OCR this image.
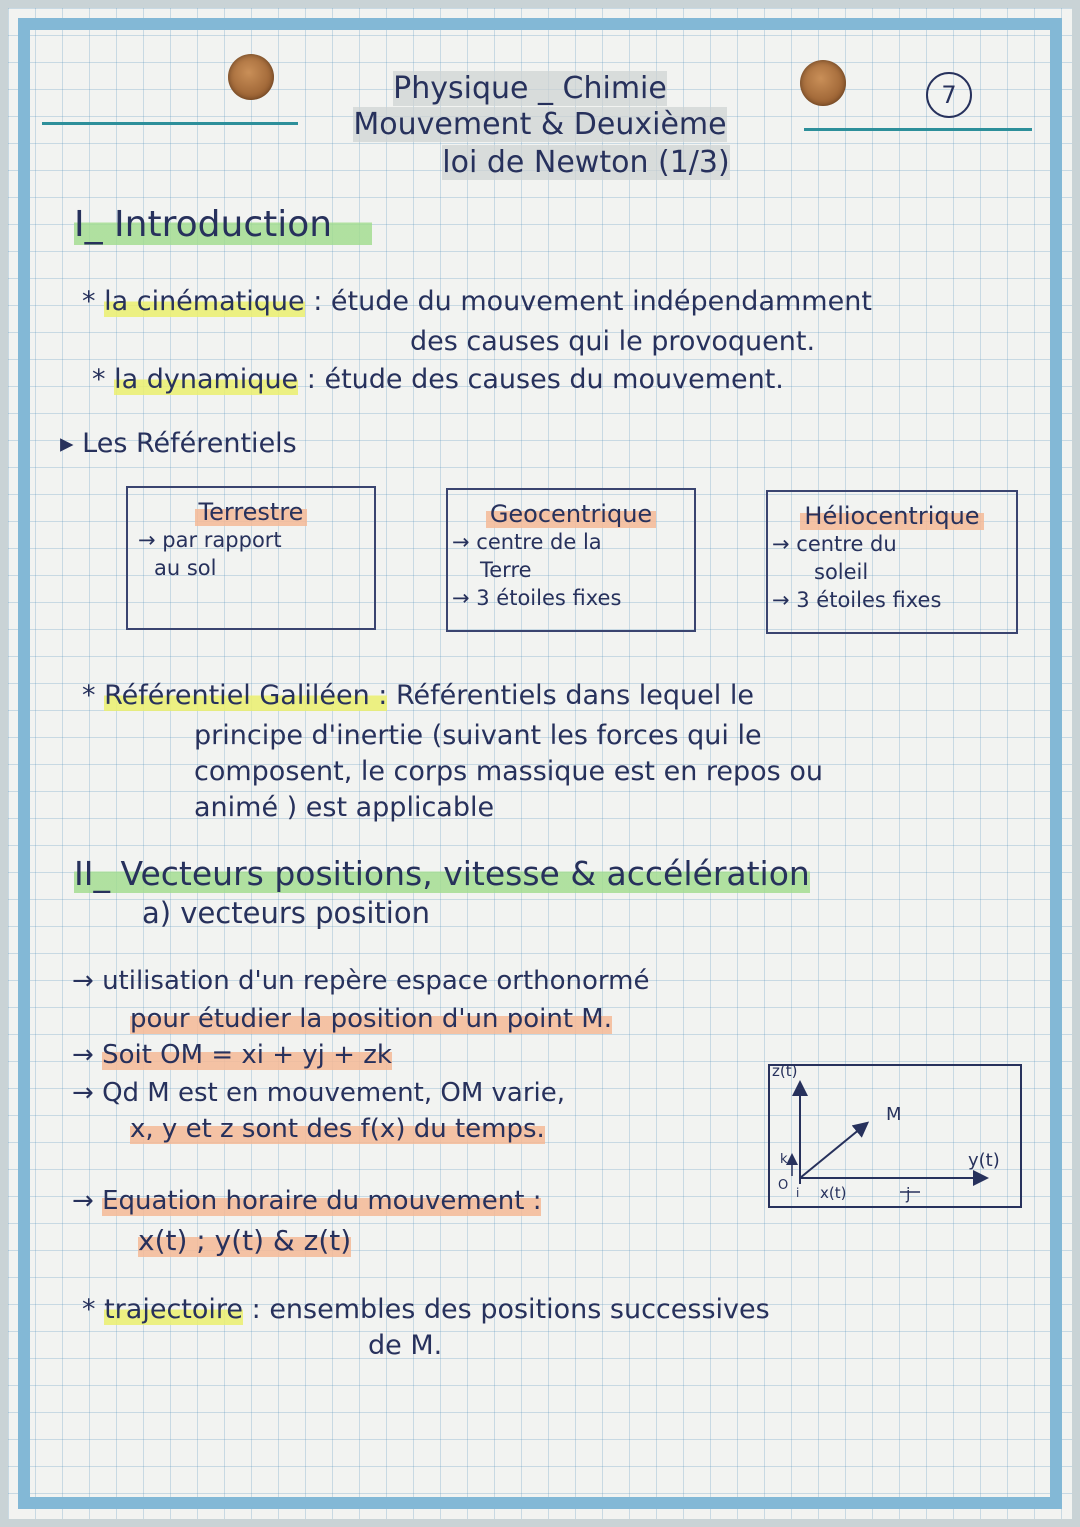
Physique _ Chimie
Mouvement & Deuxième
loi de Newton (1/3)
7
I_ Introduction
* la cinématique : étude du mouvement indépendamment
des causes qui le provoquent.
* la dynamique : étude des causes du mouvement.
▸ Les Référentiels
Terrestre
→ par rapport
au sol
Geocentrique
→ centre de la
Terre
→ 3 étoiles fixes
Héliocentrique
→ centre du
soleil
→ 3 étoiles fixes
* Référentiel Galiléen : Référentiels dans lequel le
principe d'inertie (suivant les forces qui le
composent, le corps massique est en repos ou
animé ) est applicable
II_ Vecteurs positions, vitesse & accélération
a) vecteurs position
→ utilisation d'un repère espace orthonormé
pour étudier la position d'un point M.
→ Soit OM = xi + yj + zk
→ Qd M est en mouvement, OM varie,
x, y et z sont des f(x) du temps.
→ Equation horaire du mouvement :
x(t) ; y(t) & z(t)
* trajectoire : ensembles des positions successives
de M.
z(t)
y(t)
x(t)
M
O
k
i	j
